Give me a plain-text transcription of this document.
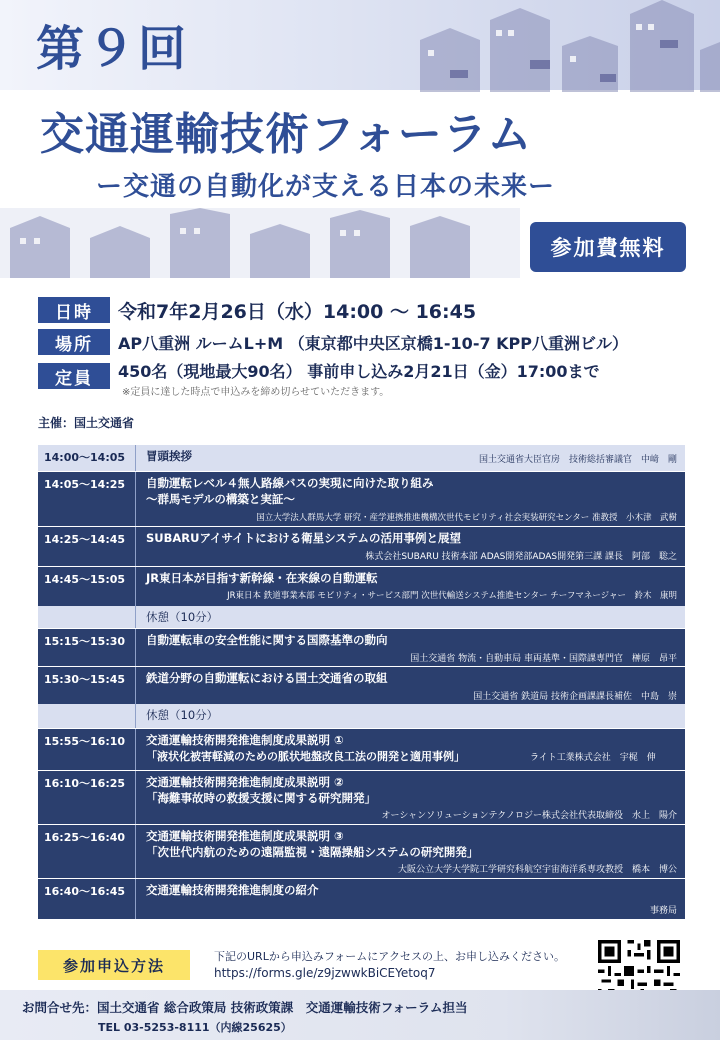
第９回
交通運輸技術フォーラム
ー交通の自動化が支える日本の未来ー
参加費無料
日時	令和7年2月26日（水）14:00 〜 16:45
場所	AP八重洲 ルームL+M （東京都中央区京橋1-10-7 KPP八重洲ビル）
定員	450名（現地最大90名） 事前申し込み2月21日（金）17:00まで
※定員に達した時点で申込みを締め切らせていただきます。
主催：国土交通省
14:00～14:05 冒頭挨拶	国土交通省大臣官房　技術総括審議官　中﨑　剛
14:05～14:25 自動運転レベル４無人路線バスの実現に向けた取り組み
～群馬モデルの構築と実証～
国立大学法人群馬大学 研究・産学連携推進機構次世代モビリティ社会実装研究センター 准教授　小木津　武樹
14:25～14:45 SUBARUアイサイトにおける衛星システムの活用事例と展望
株式会社SUBARU 技術本部 ADAS開発部ADAS開発第三課 課長　阿部　聡之
14:45～15:05 JR東日本が目指す新幹線・在来線の自動運転
JR東日本 鉄道事業本部 モビリティ・サービス部門 次世代輸送システム推進センター チーフマネージャー　鈴木　康明
休憩（10分）
15:15～15:30 自動運転車の安全性能に関する国際基準の動向
国土交通省 物流・自動車局 車両基準・国際課専門官　榊原　昂平
15:30～15:45 鉄道分野の自動運転における国土交通省の取組
国土交通省 鉄道局 技術企画課課長補佐　中島　崇
休憩（10分）
15:55～16:10 交通運輸技術開発推進制度成果説明 ①
「液状化被害軽減のための脈状地盤改良工法の開発と適用事例」	ライト工業株式会社　宇梶　伸
16:10～16:25 交通運輸技術開発推進制度成果説明 ②
「海難事故時の救援支援に関する研究開発」
オーシャンソリューションテクノロジー株式会社代表取締役　水上　陽介
16:25～16:40 交通運輸技術開発推進制度成果説明 ③
「次世代内航のための遠隔監視・遠隔操船システムの研究開発」
大阪公立大学大学院工学研究科航空宇宙海洋系専攻教授　橋本　博公
16:40～16:45 交通運輸技術開発推進制度の紹介
事務局
参加申込方法	下記のURLから申込みフォームにアクセスの上、お申し込みください。
https://forms.gle/z9jzwwkBiCEYetoq7
お問合せ先：国土交通省 総合政策局 技術政策課　交通運輸技術フォーラム担当
TEL 03-5253-8111（内線25625）
